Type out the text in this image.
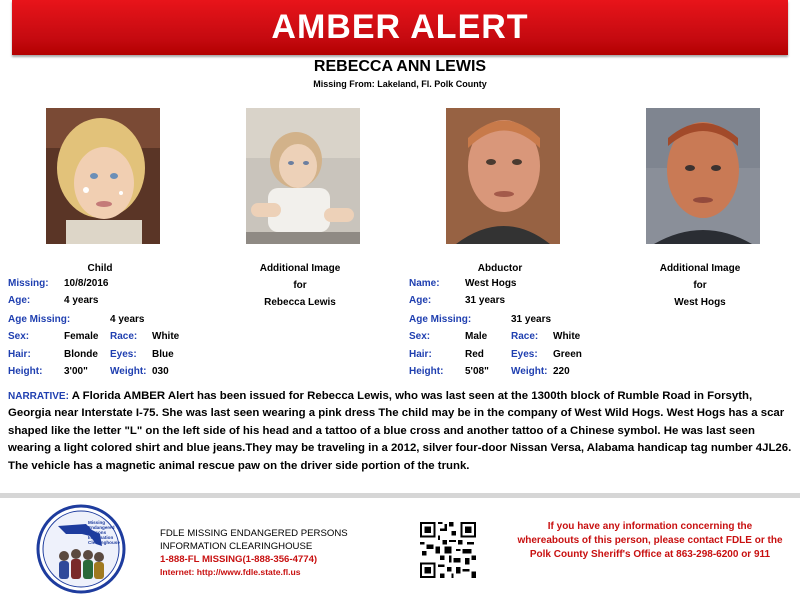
AMBER ALERT
REBECCA ANN LEWIS
Missing From: Lakeland, Fl. Polk County
Child	Additional Image
for
Rebecca Lewis
Abductor	Additional Image
for
West Hogs
Missing: 10/8/2016
Age:	4 years
Age Missing:	4 years
Sex:	Female Race: White
Hair:	Blonde Eyes: Blue
Height: 3'00" Weight: 030
Name:	West Hogs
Age:	31 years
Age Missing:	31 years
Sex:	Male Race: White
Hair:	Red	Eyes: Green
Height: 5'08" Weight: 220
NARRATIVE: A Florida AMBER Alert has been issued for Rebecca Lewis, who was last seen at the 1300th block of Rumble Road in Forsyth, Georgia near Interstate I-75. She was last seen wearing a pink dress The child may be in the company of West Wild Hogs. West Hogs has a scar shaped like the letter "L" on the left side of his head and a tattoo of a blue cross and another tattoo of a Chinese symbol. He was last seen wearing a light colored shirt and blue jeans.They may be traveling in a 2012, silver four-door Nissan Versa, Alabama handicap tag number 4JL26. The vehicle has a magnetic animal rescue paw on the driver side portion of the trunk.
Missing
Endangered
Persons
Information
Clearinghouse
FDLE MISSING ENDANGERED PERSONS
INFORMATION CLEARINGHOUSE
1-888-FL MISSING(1-888-356-4774)
Internet: http://www.fdle.state.fl.us
If you have any information concerning the
whereabouts of this person, please contact FDLE or the
Polk County Sheriff's Office at 863-298-6200 or 911
